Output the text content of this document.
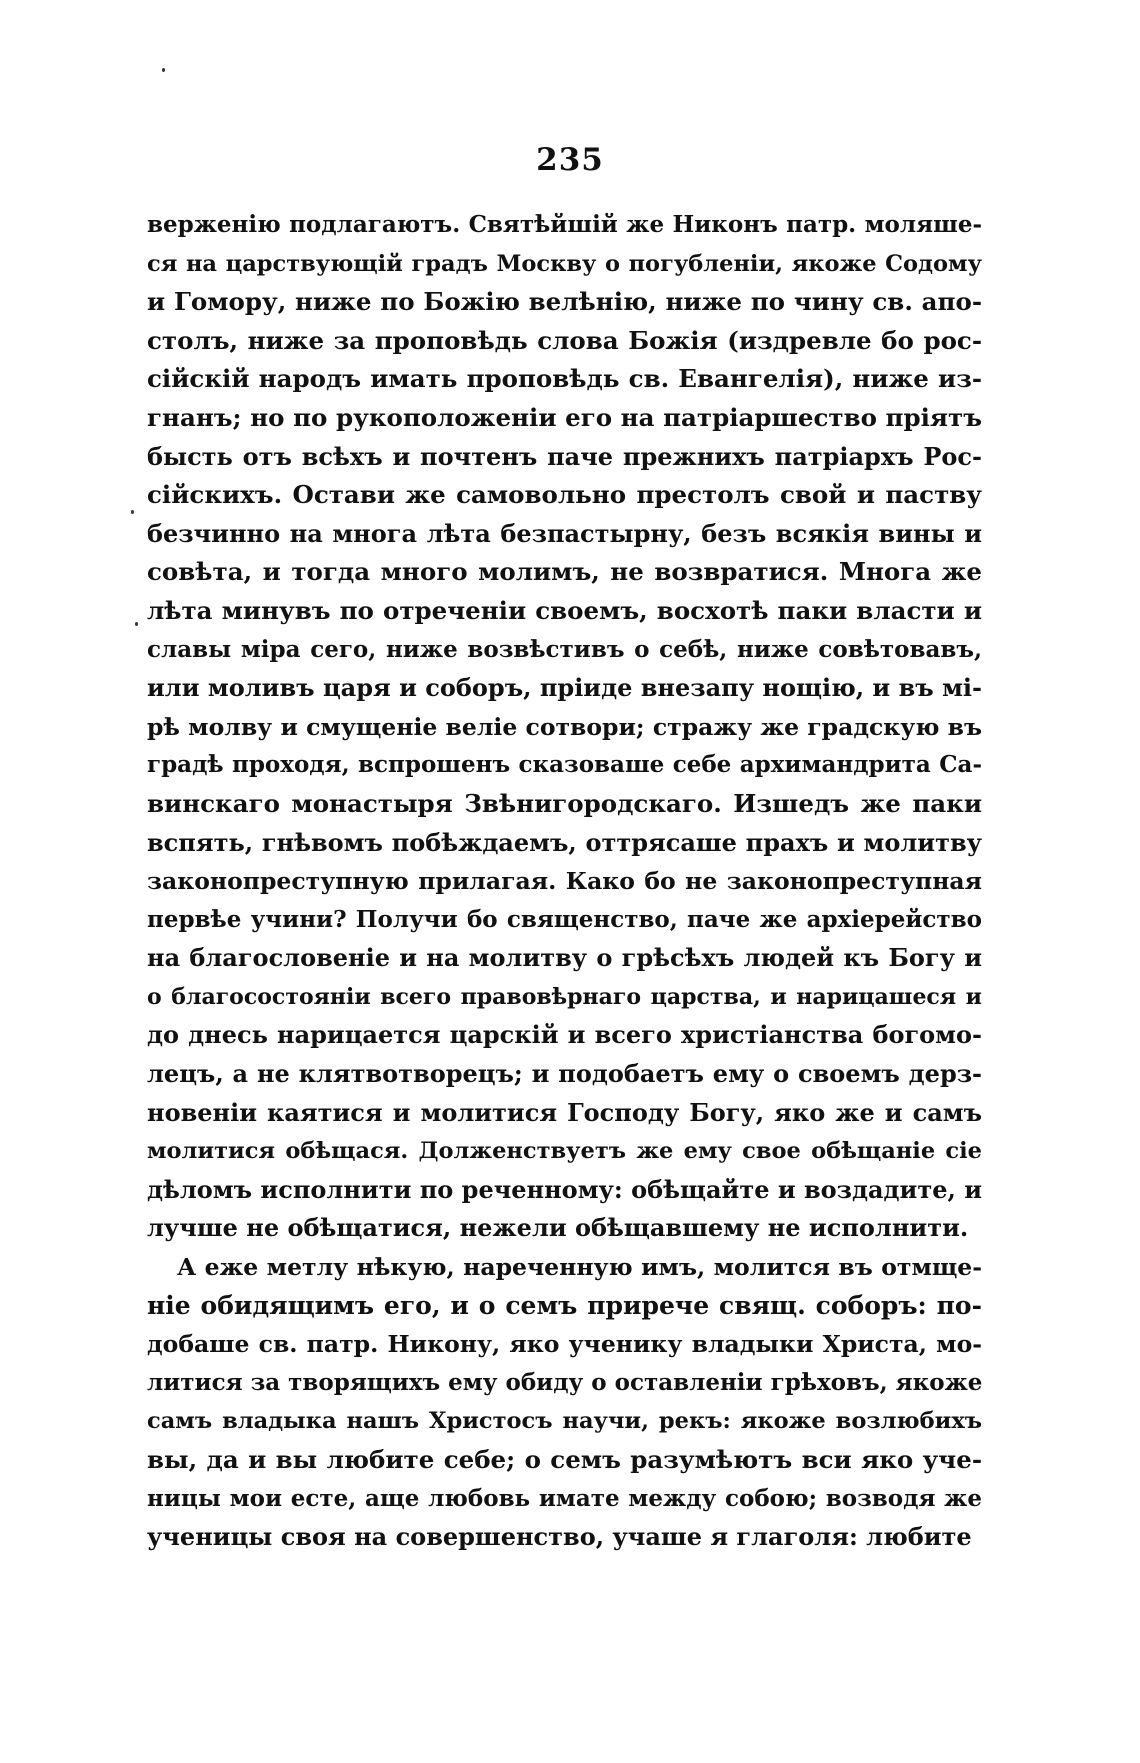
235
верженію подлагаютъ. Святѣйшій же Никонъ патр. моляше-
ся на царствующій градъ Москву о погубленіи, якоже Содому
и Гомору, ниже по Божію велѣнію, ниже по чину св. апо-
столъ, ниже за проповѣдь слова Божія (издревле бо рос-
сійскій народъ имать проповѣдь св. Евангелія), ниже из-
гнанъ; но по рукоположеніи его на патріаршество пріятъ
бысть отъ всѣхъ и почтенъ паче прежнихъ патріархъ Рос-
сійскихъ. Остави же самовольно престолъ свой и паству
безчинно на многа лѣта безпастырну, безъ всякія вины и
совѣта, и тогда много молимъ, не возвратися. Многа же
лѣта минувъ по отреченіи своемъ, восхотѣ паки власти и
славы міра сего, ниже возвѣстивъ о себѣ, ниже совѣтовавъ,
или моливъ царя и соборъ, пріиде внезапу нощію, и въ мі-
рѣ молву и смущеніе веліе сотвори; стражу же градскую въ
градѣ проходя, вспрошенъ сказоваше себе архимандрита Са-
винскаго монастыря Звѣнигородскаго. Изшедъ же паки
вспять, гнѣвомъ побѣждаемъ, оттрясаше прахъ и молитву
законопреступную прилагая. Како бо не законопреступная
первѣе учини? Получи бо священство, паче же архіерейство
на благословеніе и на молитву о грѣсѣхъ людей къ Богу и
о благосостояніи всего правовѣрнаго царства, и нарицашеся и
до днесь нарицается царскій и всего христіанства богомо-
лецъ, а не клятвотворецъ; и подобаетъ ему о своемъ дерз-
новеніи каятися и молитися Господу Богу, яко же и самъ
молитися обѣщася. Долженствуетъ же ему свое обѣщаніе сіе
дѣломъ исполнити по реченному: обѣщайте и воздадите, и
лучше не обѣщатися, нежели обѣщавшему не исполнити.
А еже метлу нѣкую, нареченную имъ, молится въ отмще-
ніе обидящимъ его, и о семъ приречe свящ. соборъ: по-
добаше св. патр. Никону, яко ученику владыки Христа, мо-
литися за творящихъ ему обиду о оставленіи грѣховъ, якоже
самъ владыка нашъ Христосъ научи, рекъ: якоже возлюбихъ
вы, да и вы любите себе; о семъ разумѣютъ вси яко уче-
ницы мои есте, аще любовь имате между собою; возводя же
ученицы своя на совершенство, учаше я глаголя: любите
